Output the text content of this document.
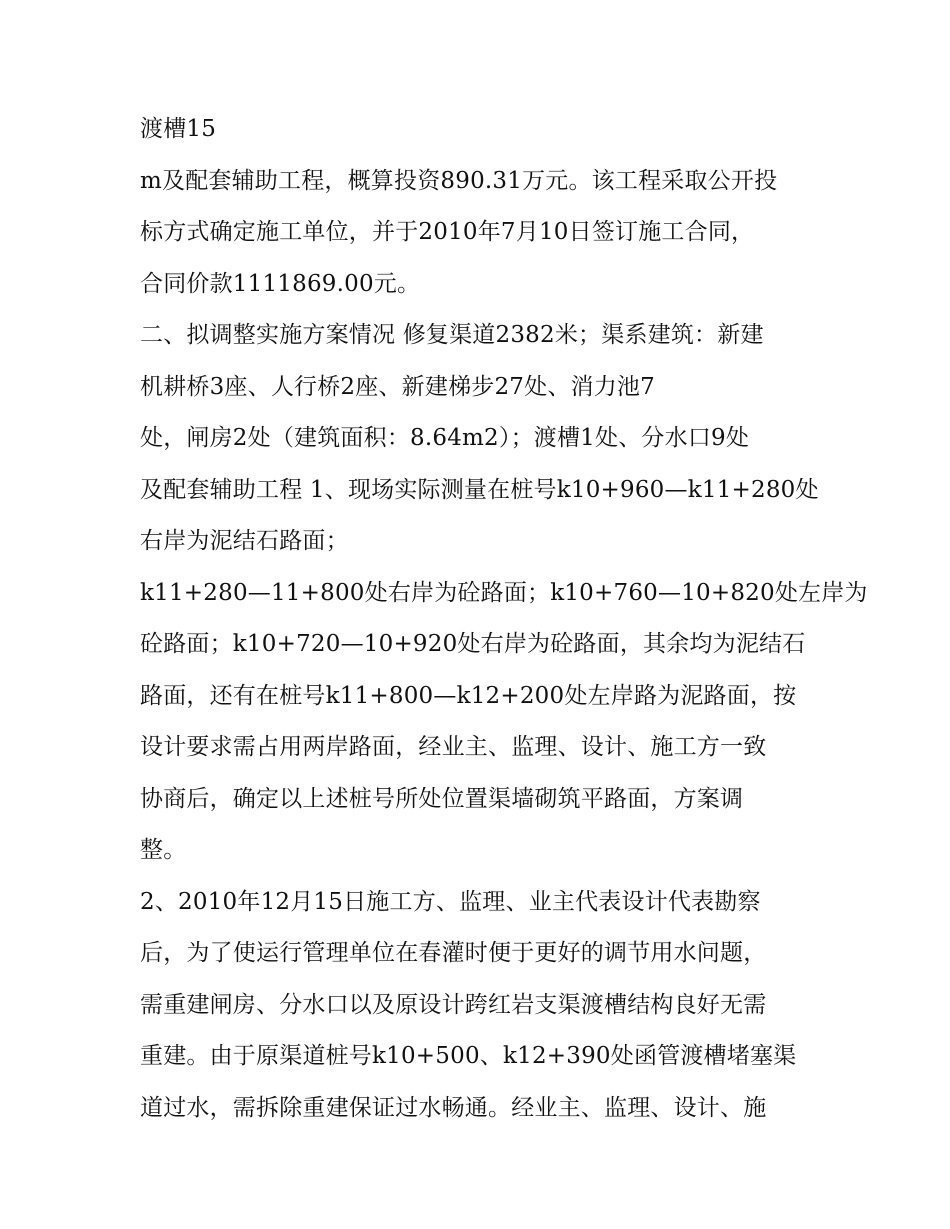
渡槽15
m及配套辅助工程，概算投资890.31万元。该工程采取公开投
标方式确定施工单位，并于2010年7月10日签订施工合同，
合同价款1111869.00元。
二、拟调整实施方案情况 修复渠道2382米；渠系建筑：新建
机耕桥3座、人行桥2座、新建梯步27处、消力池7
处，闸房2处（建筑面积：8.64m2）；渡槽1处、分水口9处
及配套辅助工程 1、现场实际测量在桩号k10+960—k11+280处
右岸为泥结石路面；
k11+280—11+800处右岸为砼路面；k10+760—10+820处左岸为
砼路面；k10+720—10+920处右岸为砼路面，其余均为泥结石
路面，还有在桩号k11+800—k12+200处左岸路为泥路面，按
设计要求需占用两岸路面，经业主、监理、设计、施工方一致
协商后，确定以上述桩号所处位置渠墙砌筑平路面，方案调
整。
2、2010年12月15日施工方、监理、业主代表设计代表勘察
后，为了使运行管理单位在春灌时便于更好的调节用水问题，
需重建闸房、分水口以及原设计跨红岩支渠渡槽结构良好无需
重建。由于原渠道桩号k10+500、k12+390处函管渡槽堵塞渠
道过水，需拆除重建保证过水畅通。经业主、监理、设计、施
